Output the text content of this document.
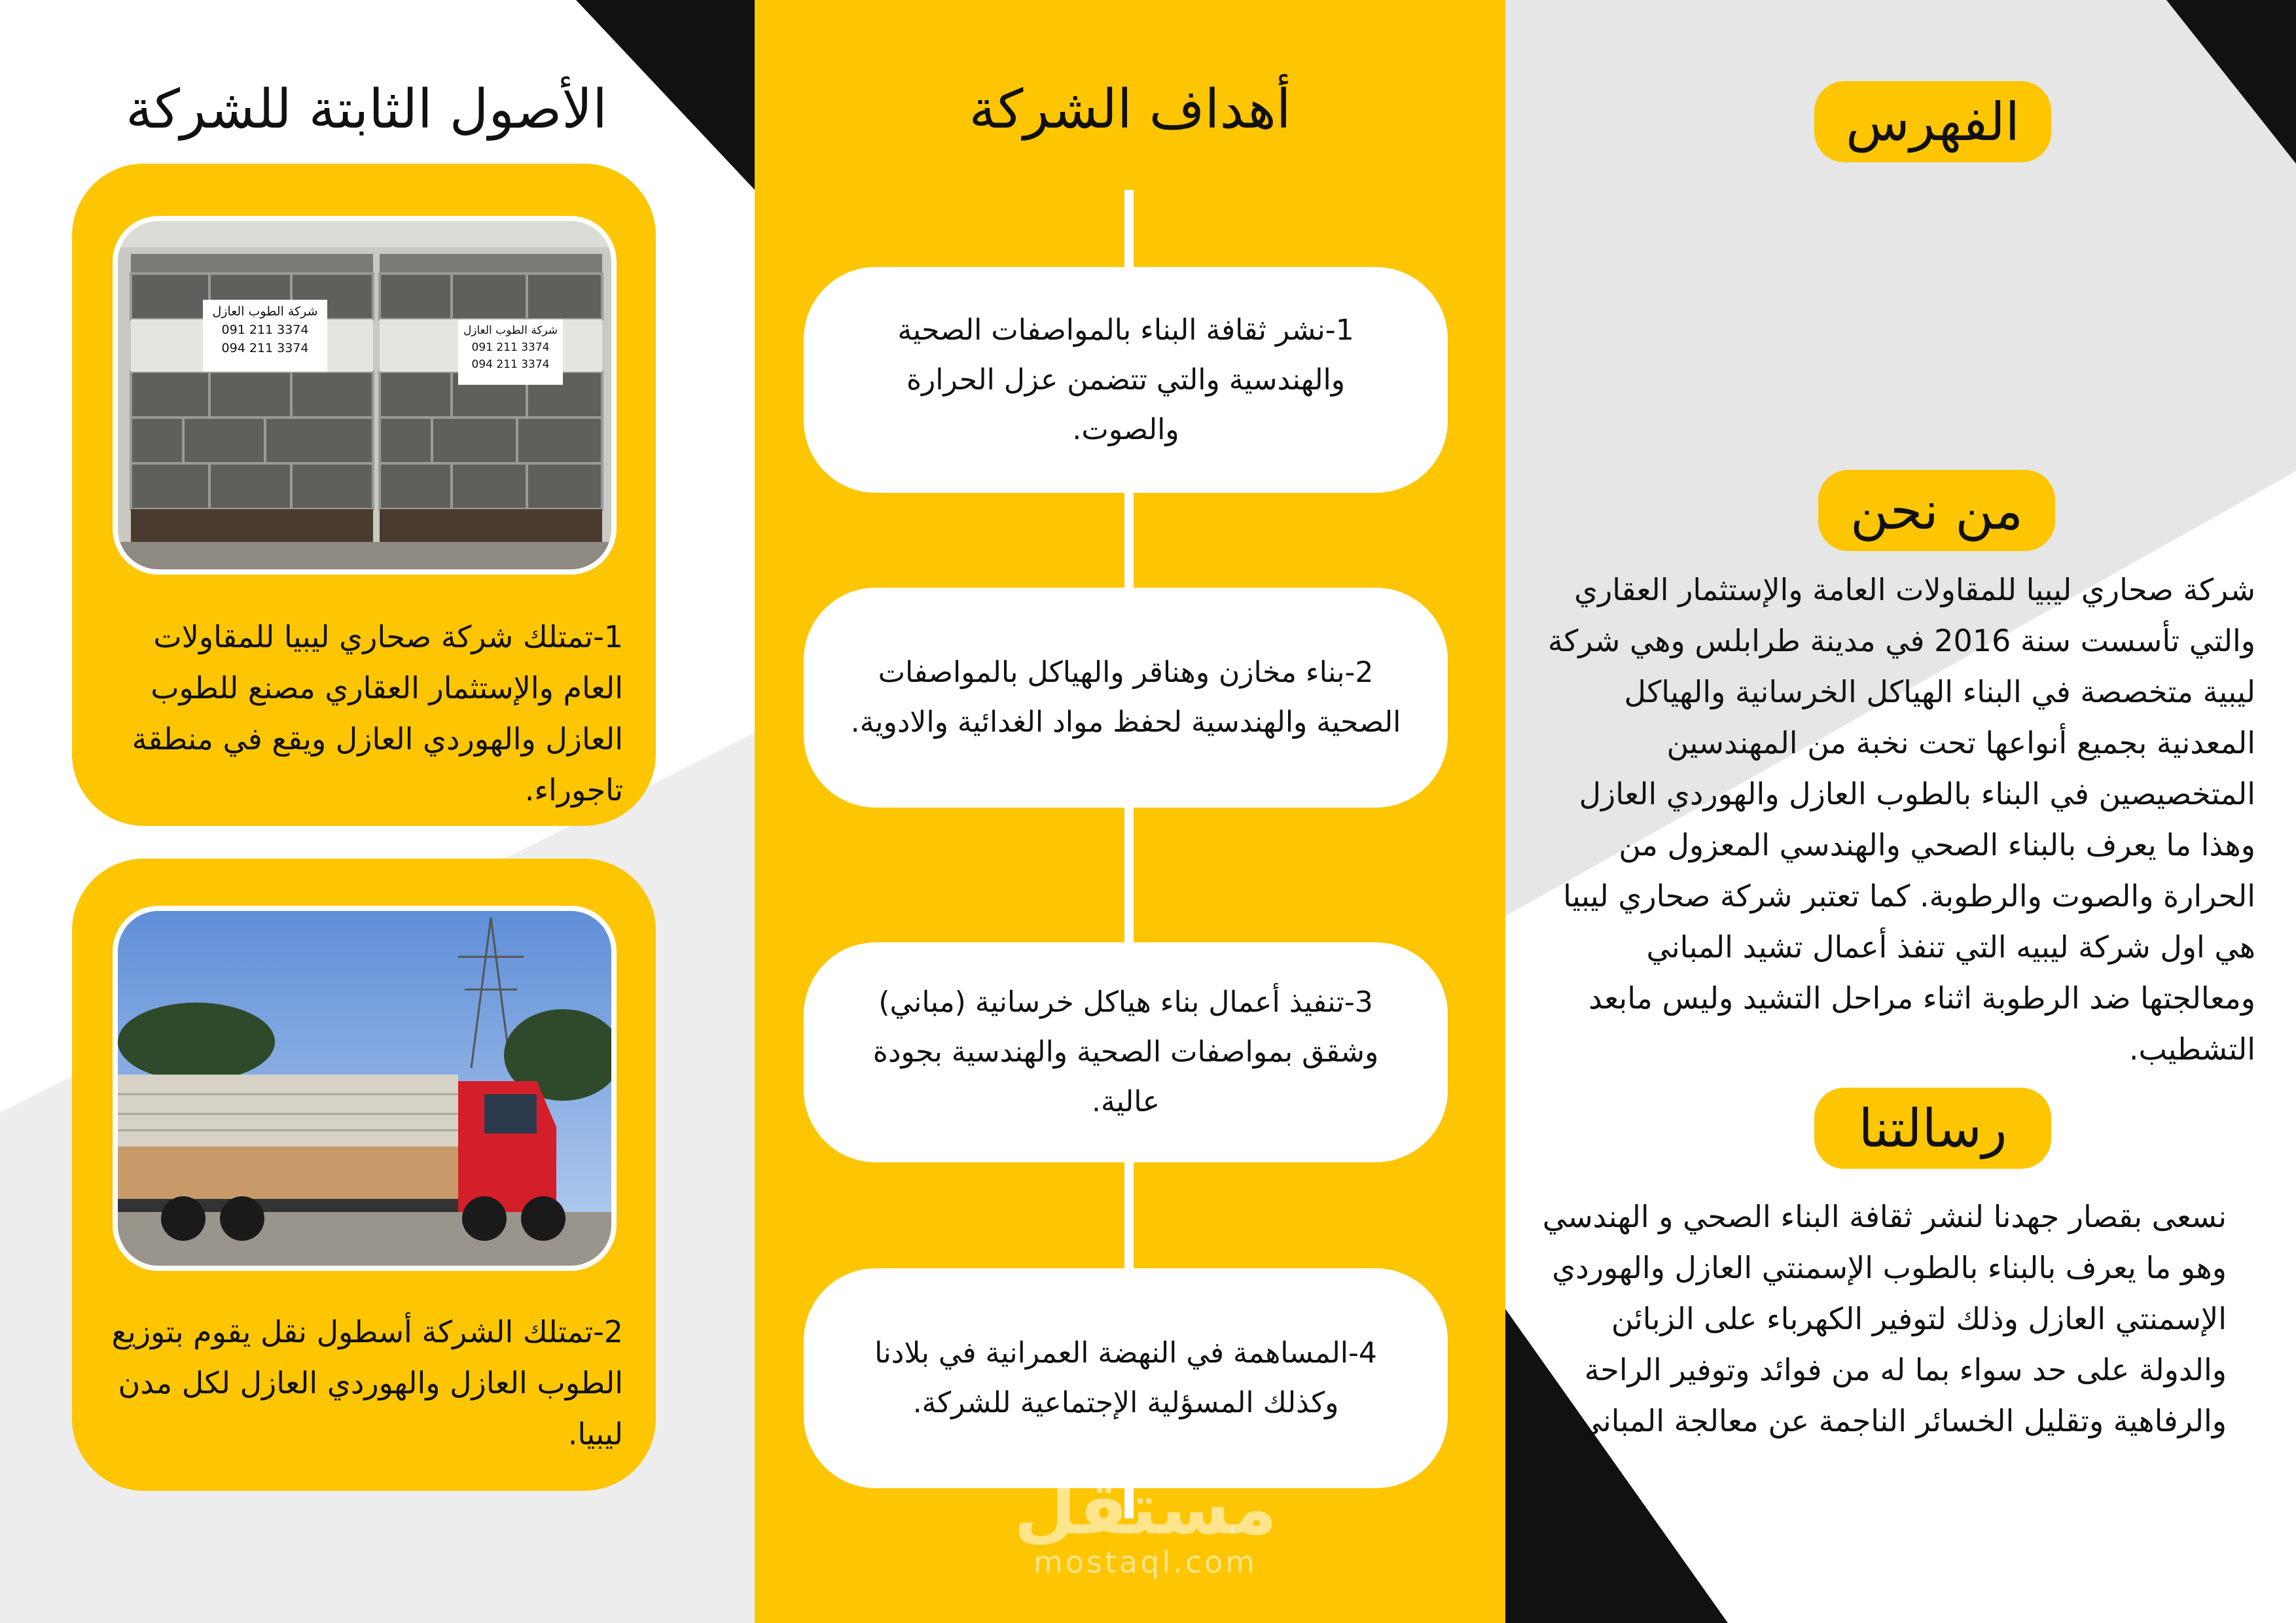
الفهرس
من نحن
شركة صحاري ليبيا للمقاولات العامة والإستثمار العقاري والتي تأسست سنة 2016 في مدينة طرابلس وهي شركة ليبية متخصصة في البناء الهياكل الخرسانية والهياكل المعدنية بجميع أنواعها تحت نخبة من المهندسين المتخصيصين في البناء بالطوب العازل والهوردي العازل وهذا ما يعرف بالبناء الصحي والهندسي المعزول من الحرارة والصوت والرطوبة. كما تعتبر شركة صحاري ليبيا هي اول شركة ليبيه التي تنفذ أعمال تشيد المباني ومعالجتها ضد الرطوبة اثناء مراحل التشيد وليس مابعد التشطيب.
رسالتنا
نسعى بقصار جهدنا لنشر ثقافة البناء الصحي و الهندسي وهو ما يعرف بالبناء بالطوب الإسمنتي العازل والهوردي الإسمنتي العازل وذلك لتوفير الكهرباء على الزبائن والدولة على حد سواء بما له من فوائد وتوفير الراحة والرفاهية وتقليل الخسائر الناجمة عن معالجة المباني.
أهداف الشركة
1-نشر ثقافة البناء بالمواصفات الصحية والهندسية والتي تتضمن عزل الحرارة والصوت.
2-بناء مخازن وهناقر والهياكل بالمواصفات الصحية والهندسية لحفظ مواد الغدائية والادوية.
3-تنفيذ أعمال بناء هياكل خرسانية (مباني) وشقق بمواصفات الصحية والهندسية بجودة عالية.
4-المساهمة في النهضة العمرانية في بلادنا وكذلك المسؤلية الإجتماعية للشركة.
الأصول الثابتة للشركة
شركة الطوب العازل
091 211 3374
094 211 3374
شركة الطوب العازل
091 211 3374
094 211 3374
1-تمتلك شركة صحاري ليبيا للمقاولات العام والإستثمار العقاري مصنع للطوب العازل والهوردي العازل ويقع في منطقة تاجوراء.
2-تمتلك الشركة أسطول نقل يقوم بتوزيع الطوب العازل والهوردي العازل لكل مدن ليبيا.
مستقل
mostaql.com
